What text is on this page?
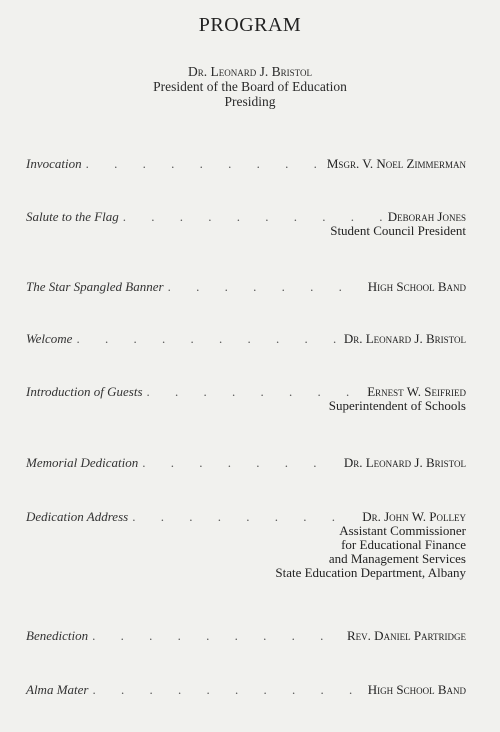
PROGRAM
Dr. Leonard J. Bristol
President of the Board of Education
Presiding
Invocation . . .	Msgr. V. Noel Zimmerman
Salute to the Flag . . .	Deborah Jones
Student Council President
The Star Spangled Banner . . .	High School Band
Welcome . . .	Dr. Leonard J. Bristol
Introduction of Guests . . .	Ernest W. Seifried
Superintendent of Schools
Memorial Dedication . . .	Dr. Leonard J. Bristol
Dedication Address . . .	Dr. John W. Polley
Assistant Commissioner
for Educational Finance
and Management Services
State Education Department, Albany
Benediction . . .	Rev. Daniel Partridge
Alma Mater . . .	High School Band
